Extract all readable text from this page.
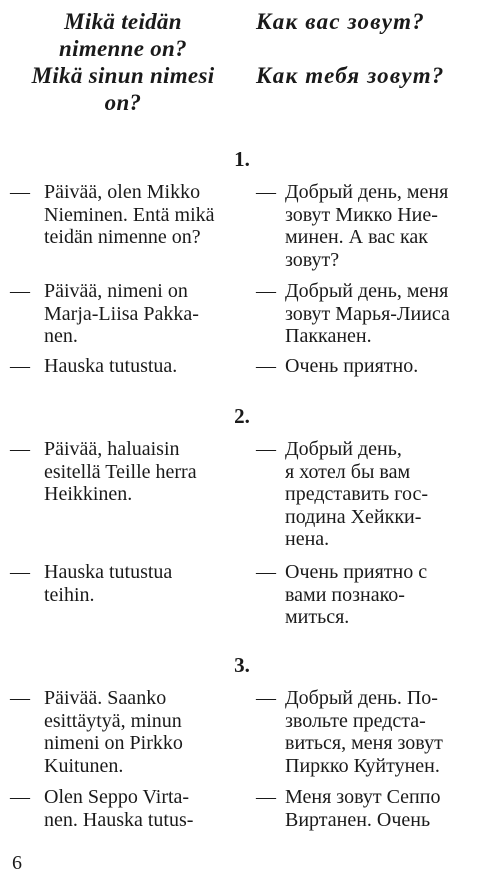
Mikä teidän
nimenne on?
Mikä sinun nimesi
on?
Как вас зовут?

Как тебя зовут?
1.
— Päivää, olen Mikko
Nieminen. Entä mikä
teidän nimenne on?
— Добрый день, меня
зовут Микко Ние-
минен. А вас как
зовут?
— Päivää, nimeni on
Marja-Liisa Pakka-
nen.
— Добрый день, меня
зовут Марья-Лииса
Пакканен.
— Hauska tutustua.	— Очень приятно.
2.
— Päivää, haluaisin
esitellä Teille herra
Heikkinen.
— Добрый день,
я хотел бы вам
представить гос-
подина Хейкки-
нена.
— Hauska tutustua
teihin.
— Очень приятно с
вами познако-
миться.
3.
— Päivää. Saanko
esittäytyä, minun
nimeni on Pirkko
Kuitunen.
— Добрый день. По-
звольте предста-
виться, меня зовут
Пиркко Куйтунен.
— Olen Seppo Virta-
nen. Hauska tutus-
— Меня зовут Сеппо
Виртанен. Очень
6
